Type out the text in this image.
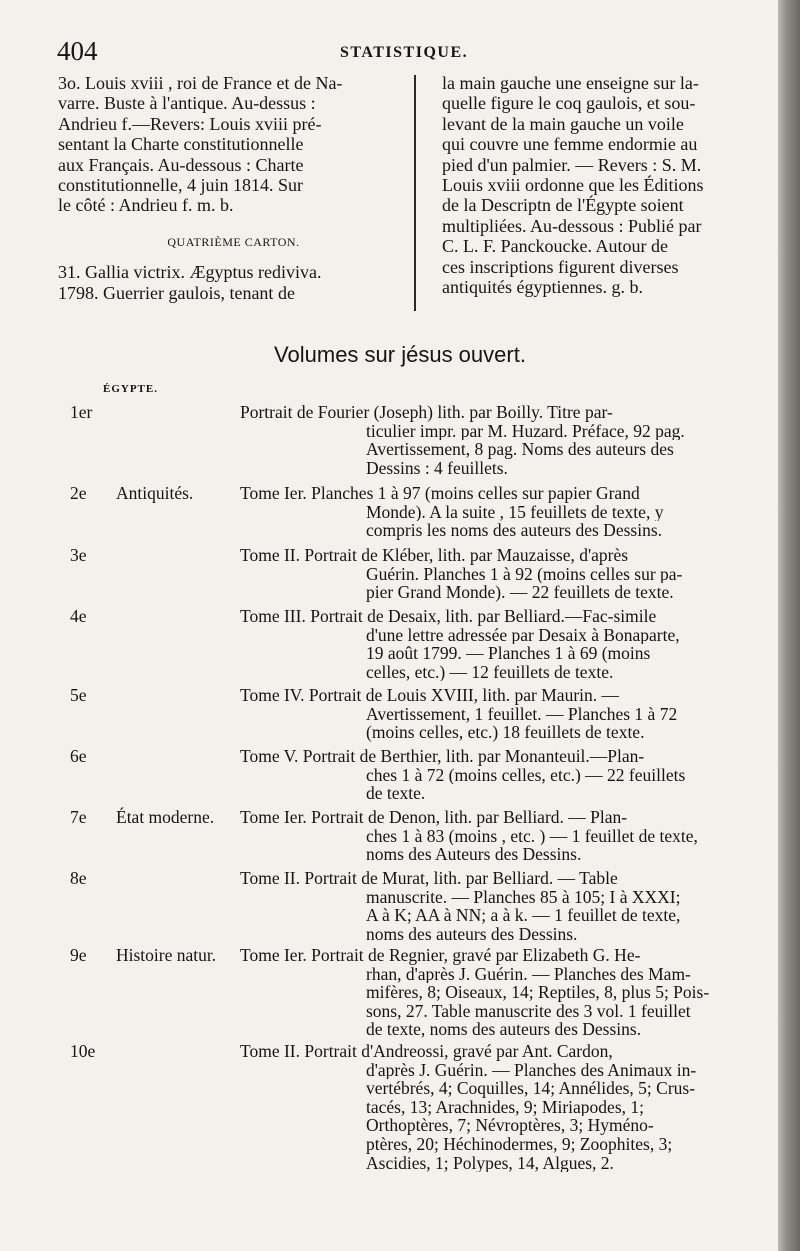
404	STATISTIQUE.
3o. Louis xviii , roi de France et de Na-
varre. Buste à l'antique. Au-dessus :
Andrieu f.—Revers: Louis xviii pré-
sentant la Charte constitutionnelle
aux Français. Au-dessous : Charte
constitutionnelle, 4 juin 1814. Sur
le côté : Andrieu f. m. b.
QUATRIÈME CARTON.
31. Gallia victrix. Ægyptus rediviva.
1798. Guerrier gaulois, tenant de
la main gauche une enseigne sur la-
quelle figure le coq gaulois, et sou-
levant de la main gauche un voile
qui couvre une femme endormie au
pied d'un palmier. — Revers : S. M.
Louis xviii ordonne que les Éditions
de la Descriptn de l'Égypte soient
multipliées. Au-dessous : Publié par
C. L. F. Panckoucke. Autour de
ces inscriptions figurent diverses
antiquités égyptiennes. g. b.
Volumes sur jésus ouvert.
ÉGYPTE.
1er	Portrait de Fourier (Joseph) lith. par Boilly. Titre par-
ticulier impr. par M. Huzard. Préface, 92 pag.
Avertissement, 8 pag. Noms des auteurs des
Dessins : 4 feuillets.
2e	Antiquités.	Tome Ier. Planches 1 à 97 (moins celles sur papier Grand
Monde). A la suite , 15 feuillets de texte, y
compris les noms des auteurs des Dessins.
3e	Tome II. Portrait de Kléber, lith. par Mauzaisse, d'après
Guérin. Planches 1 à 92 (moins celles sur pa-
pier Grand Monde). — 22 feuillets de texte.
4e	Tome III. Portrait de Desaix, lith. par Belliard.—Fac-simile
d'une lettre adressée par Desaix à Bonaparte,
19 août 1799. — Planches 1 à 69 (moins
celles, etc.) — 12 feuillets de texte.
5e	Tome IV. Portrait de Louis XVIII, lith. par Maurin. —
Avertissement, 1 feuillet. — Planches 1 à 72
(moins celles, etc.) 18 feuillets de texte.
6e	Tome V. Portrait de Berthier, lith. par Monanteuil.—Plan-
ches 1 à 72 (moins celles, etc.) — 22 feuillets
de texte.
7e	État moderne.	Tome Ier. Portrait de Denon, lith. par Belliard. — Plan-
ches 1 à 83 (moins , etc. ) — 1 feuillet de texte,
noms des Auteurs des Dessins.
8e	Tome II. Portrait de Murat, lith. par Belliard. — Table
manuscrite. — Planches 85 à 105; I à XXXI;
A à K; AA à NN; a à k. — 1 feuillet de texte,
noms des auteurs des Dessins.
9e	Histoire natur.	Tome Ier. Portrait de Regnier, gravé par Elizabeth G. He-
rhan, d'après J. Guérin. — Planches des Mam-
mifères, 8; Oiseaux, 14; Reptiles, 8, plus 5; Pois-
sons, 27. Table manuscrite des 3 vol. 1 feuillet
de texte, noms des auteurs des Dessins.
10e	Tome II. Portrait d'Andreossi, gravé par Ant. Cardon,
d'après J. Guérin. — Planches des Animaux in-
vertébrés, 4; Coquilles, 14; Annélides, 5; Crus-
tacés, 13; Arachnides, 9; Miriapodes, 1;
Orthoptères, 7; Névroptères, 3; Hyméno-
ptères, 20; Héchinodermes, 9; Zoophites, 3;
Ascidies, 1; Polypes, 14, Algues, 2.
